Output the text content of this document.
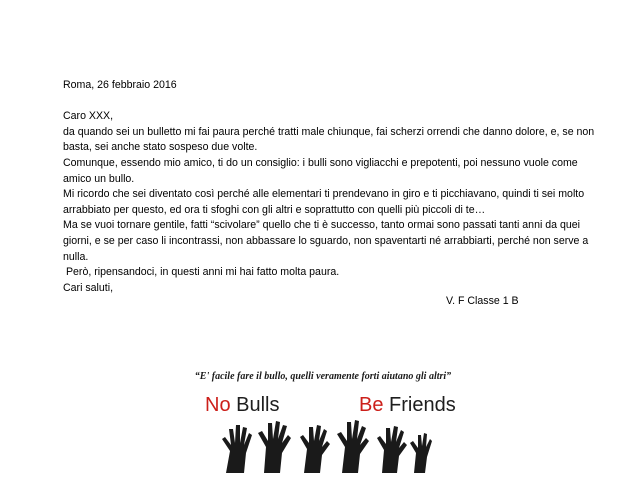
Roma, 26 febbraio 2016

Caro XXX,

da quando sei un bulletto mi fai paura perché tratti male chiunque, fai scherzi orrendi che danno dolore, e, se non basta, sei anche stato sospeso due volte.

Comunque, essendo mio amico, ti do un consiglio: i bulli sono vigliacchi e prepotenti, poi nessuno vuole come amico un bullo.

Mi ricordo che sei diventato così perché alle elementari ti prendevano in giro e ti picchiavano, quindi ti sei molto arrabbiato per questo, ed ora ti sfoghi con gli altri e soprattutto con quelli più piccoli di te…

Ma se vuoi tornare gentile, fatti “scivolare” quello che ti è successo, tanto ormai sono passati tanti anni da quei giorni, e se per caso li incontrassi, non abbassare lo sguardo, non spaventarti né arrabbiarti, perché non serve a nulla.

Però, ripensandoci, in questi anni mi hai fatto molta paura.

Cari saluti,

V. F Classe 1 B
“E' facile fare il bullo, quelli veramente forti aiutano gli altri”
No Bulls	Be Friends
